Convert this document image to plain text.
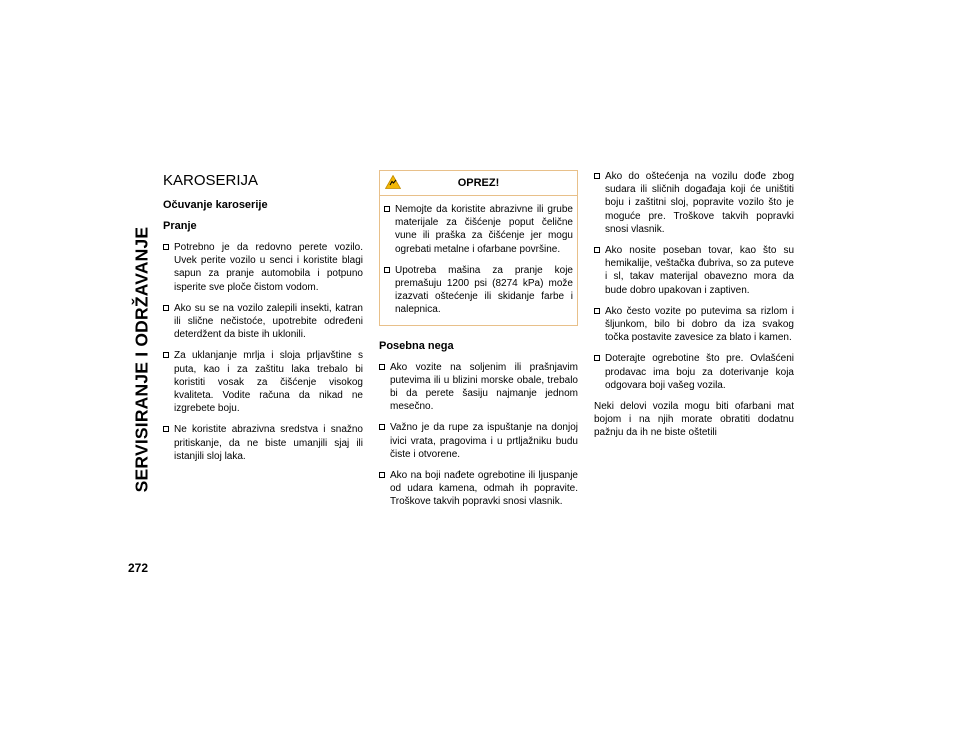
SERVISIRANJE I ODRŽAVANJE
272
KAROSERIJA
Očuvanje karoserije
Pranje
Potrebno je da redovno perete vozilo. Uvek perite vozilo u senci i koristite blagi sapun za pranje automobila i potpuno isperite sve ploče čistom vodom.
Ako su se na vozilo zalepili insekti, katran ili slične nečistoće, upotrebite određeni deterdžent da biste ih uklonili.
Za uklanjanje mrlja i sloja prljavštine s puta, kao i za zaštitu laka trebalo bi koristiti vosak za čišćenje visokog kvaliteta. Vodite računa da nikad ne izgrebete boju.
Ne koristite abrazivna sredstva i snažno pritiskanje, da ne biste umanjili sjaj ili istanjili sloj laka.
OPREZ!
Nemojte da koristite abrazivne ili grube materijale za čišćenje poput čelične vune ili praška za čišćenje jer mogu ogrebati metalne i ofarbane površine.
Upotreba mašina za pranje koje premašuju 1200 psi (8274 kPa) može izazvati oštećenje ili skidanje farbe i nalepnica.
Posebna nega
Ako vozite na soljenim ili prašnjavim putevima ili u blizini morske obale, trebalo bi da perete šasiju najmanje jednom mesečno.
Važno je da rupe za ispuštanje na donjoj ivici vrata, pragovima i u prtljažniku budu čiste i otvorene.
Ako na boji nađete ogrebotine ili ljuspanje od udara kamena, odmah ih popravite. Troškove takvih popravki snosi vlasnik.
Ako do oštećenja na vozilu dođe zbog sudara ili sličnih događaja koji će uništiti boju i zaštitni sloj, popravite vozilo što je moguće pre. Troškove takvih popravki snosi vlasnik.
Ako nosite poseban tovar, kao što su hemikalije, veštačka đubriva, so za puteve i sl, takav materijal obavezno mora da bude dobro upakovan i zaptiven.
Ako često vozite po putevima sa rizlom i šljunkom, bilo bi dobro da iza svakog točka postavite zavesice za blato i kamen.
Doterajte ogrebotine što pre. Ovlašćeni prodavac ima boju za doterivanje koja odgovara boji vašeg vozila.

Neki delovi vozila mogu biti ofarbani mat bojom i na njih morate obratiti dodatnu pažnju da ih ne biste oštetili
